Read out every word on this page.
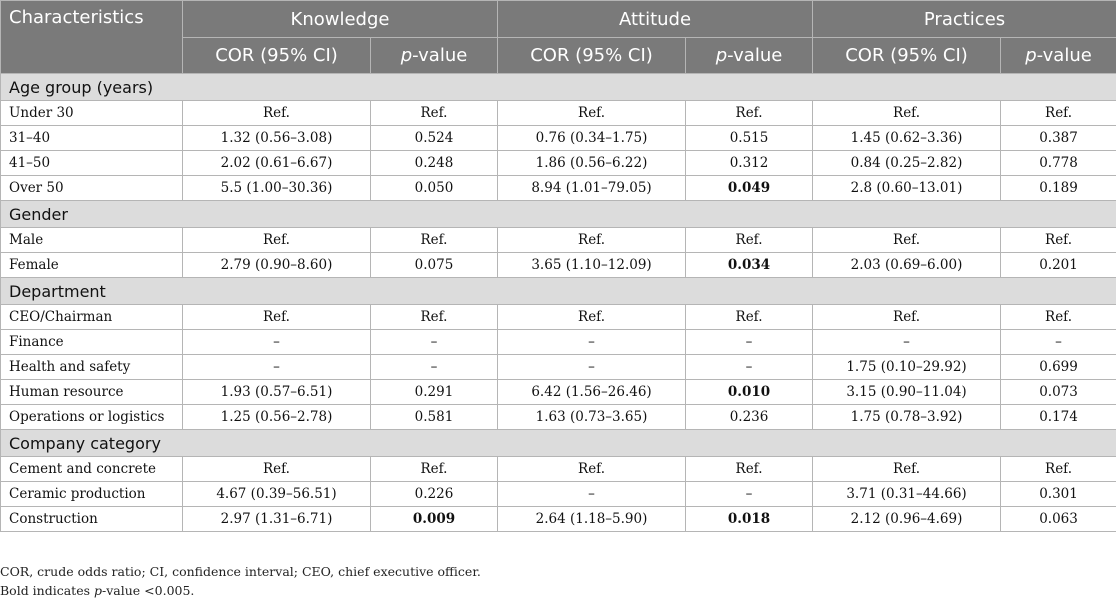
Characteristics	Knowledge		Attitude		Practices	
	COR (95% CI)	p-value	COR (95% CI)	p-value	COR (95% CI)	p-value
Age group (years)						
Under 30	Ref.	Ref.	Ref.	Ref.	Ref.	Ref.
31–40	1.32 (0.56–3.08)	0.524	0.76 (0.34–1.75)	0.515	1.45 (0.62–3.36)	0.387
41–50	2.02 (0.61–6.67)	0.248	1.86 (0.56–6.22)	0.312	0.84 (0.25–2.82)	0.778
Over 50	5.5 (1.00–30.36)	0.050	8.94 (1.01–79.05)	0.049	2.8 (0.60–13.01)	0.189
Gender						
Male	Ref.	Ref.	Ref.	Ref.	Ref.	Ref.
Female	2.79 (0.90–8.60)	0.075	3.65 (1.10–12.09)	0.034	2.03 (0.69–6.00)	0.201
Department						
CEO/Chairman	Ref.	Ref.	Ref.	Ref.	Ref.	Ref.
Finance	–	–	–	–	–	–
Health and safety	–	–	–	–	1.75 (0.10–29.92)	0.699
Human resource	1.93 (0.57–6.51)	0.291	6.42 (1.56–26.46)	0.010	3.15 (0.90–11.04)	0.073
Operations or logistics	1.25 (0.56–2.78)	0.581	1.63 (0.73–3.65)	0.236	1.75 (0.78–3.92)	0.174
Company category						
Cement and concrete	Ref.	Ref.	Ref.	Ref.	Ref.	Ref.
Ceramic production	4.67 (0.39–56.51)	0.226	–	–	3.71 (0.31–44.66)	0.301
Construction	2.97 (1.31–6.71)	0.009	2.64 (1.18–5.90)	0.018	2.12 (0.96–4.69)	0.063

COR, crude odds ratio; CI, confidence interval; CEO, chief executive officer.

Bold indicates p-value <0.005.
